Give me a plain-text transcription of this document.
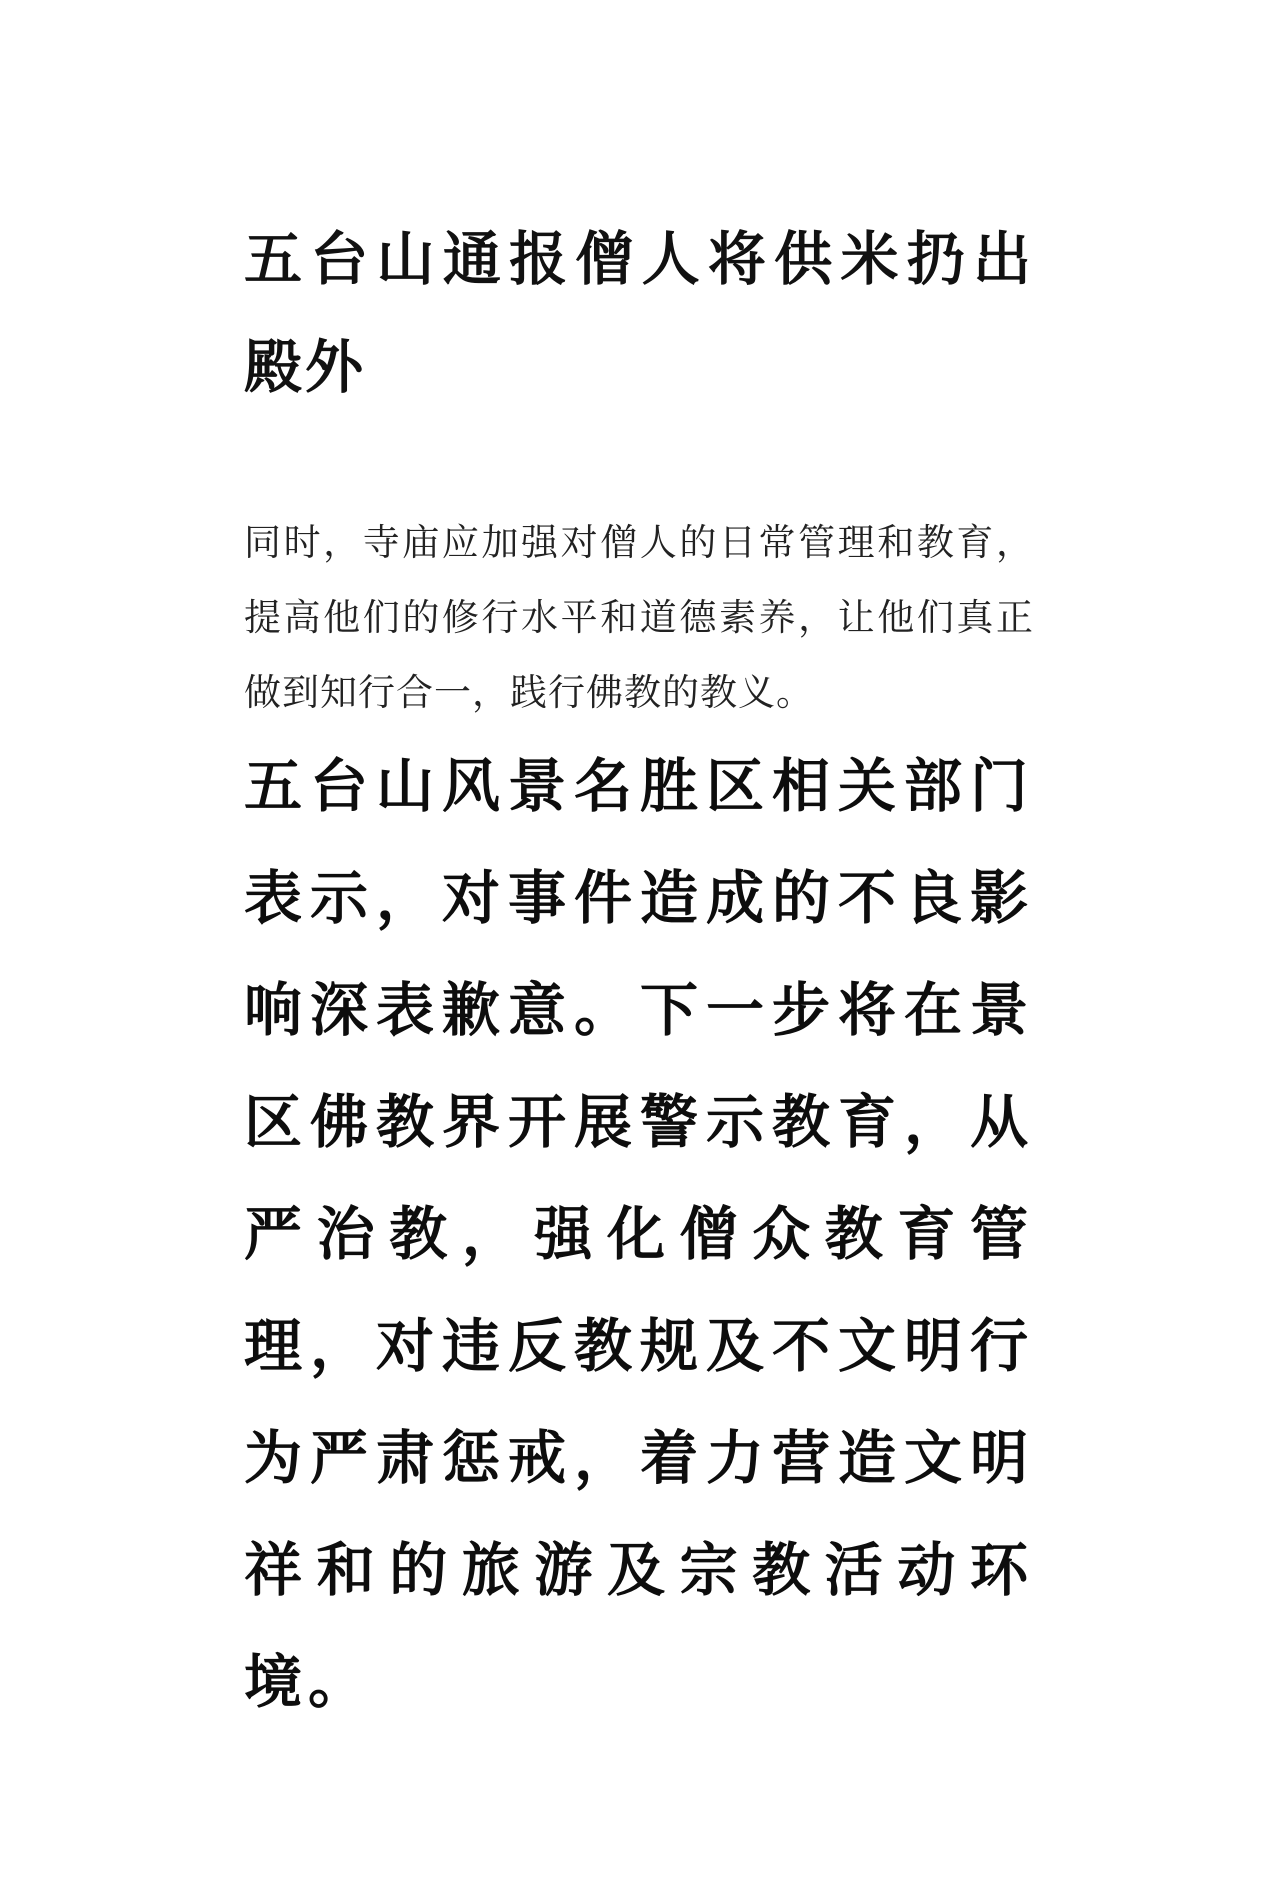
五台山通报僧人将供米扔出殿外

同时，寺庙应加强对僧人的日常管理和教育，提高他们的修行水平和道德素养，让他们真正做到知行合一，践行佛教的教义。

五台山风景名胜区相关部门表示，对事件造成的不良影响深表歉意。下一步将在景区佛教界开展警示教育，从严治教，强化僧众教育管理，对违反教规及不文明行为严肃惩戒，着力营造文明祥和的旅游及宗教活动环境。
